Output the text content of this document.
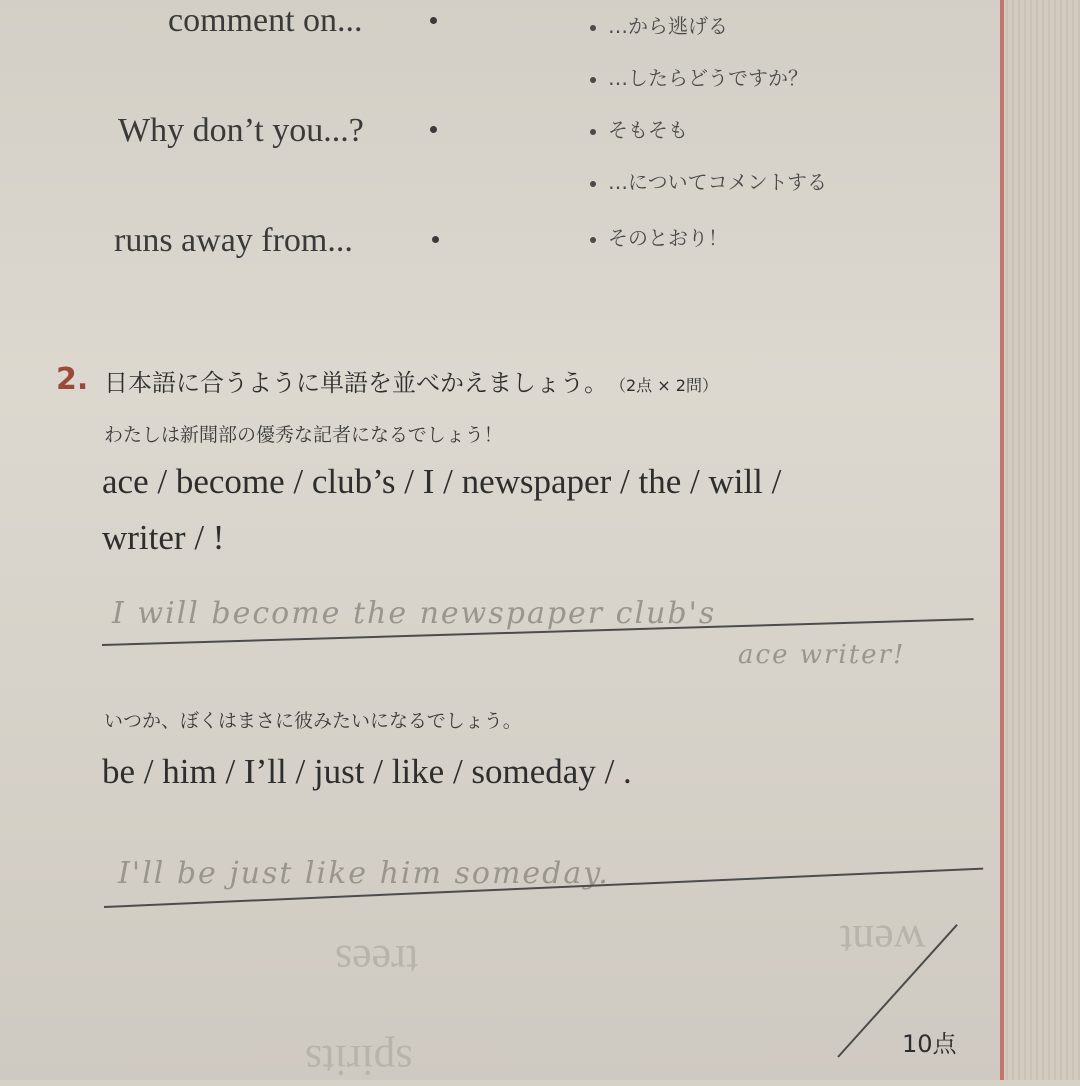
went
trees
spirits
comment on...
Why don’t you...?
runs away from...
…から逃げる
…したらどうですか？
そもそも
…についてコメントする
そのとおり！
2. 日本語に合うように単語を並べかえましょう。 （2点 × 2問）
わたしは新聞部の優秀な記者になるでしょう！
ace / become / club’s / I / newspaper / the / will /
writer / !
I will become the newspaper club's
ace writer!
いつか、ぼくはまさに彼みたいになるでしょう。
be / him / I’ll / just / like / someday / .
I'll be just like him someday.
10点
